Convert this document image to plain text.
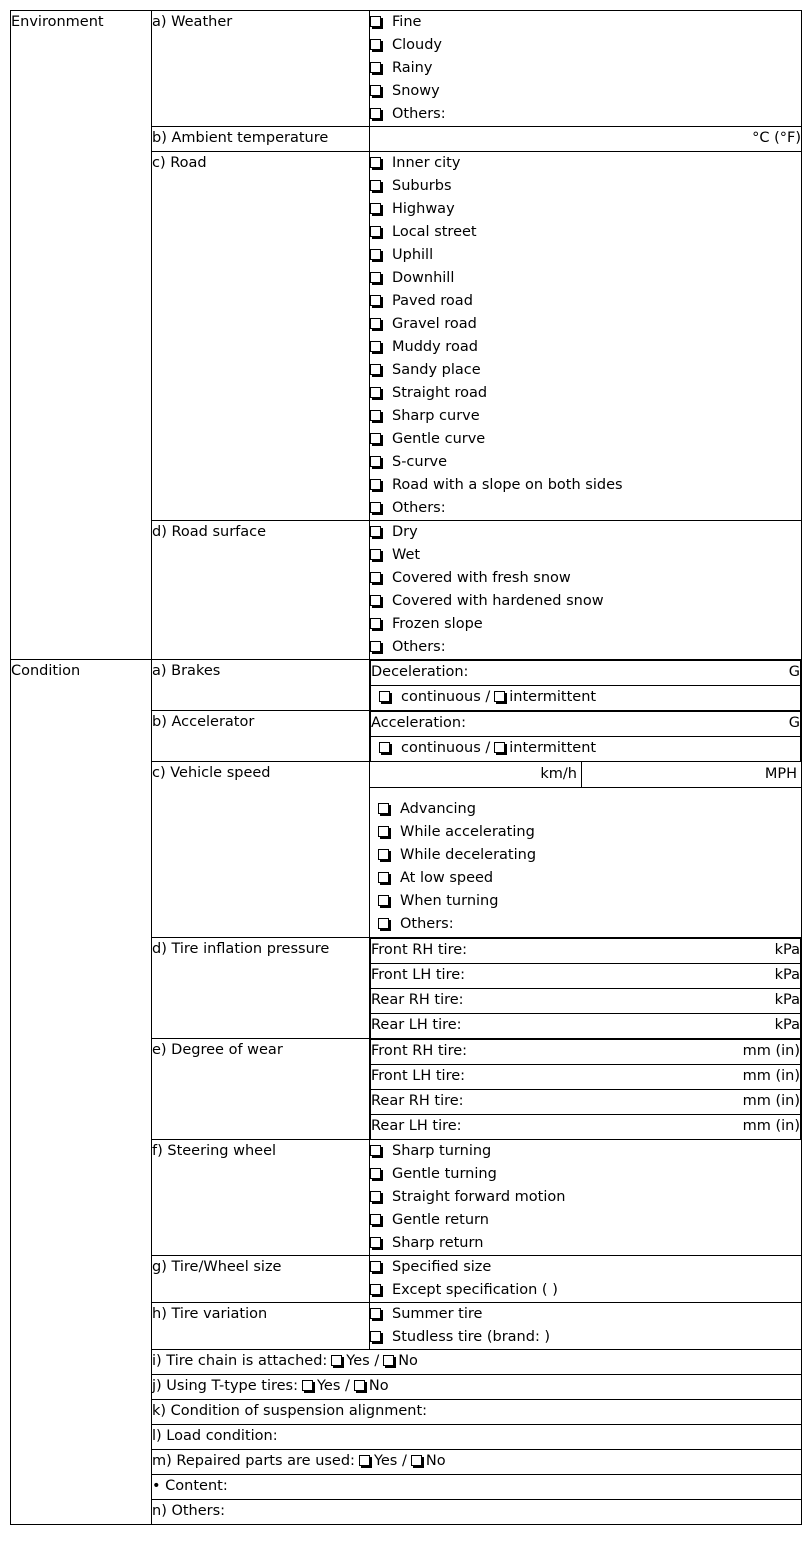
Environment	a) Weather	Fine
Cloudy
Rainy
Snowy
Others:

b) Ambient temperature	°C (°F)
c) Road	Inner city
Suburbs
Highway
Local street
Uphill
Downhill
Paved road
Gravel road
Muddy road
Sandy place
Straight road
Sharp curve
Gentle curve
S-curve
Road with a slope on both sides
Others:

d) Road surface	Dry
Wet
Covered with fresh snow
Covered with hardened snow
Frozen slope
Others:

Condition	a) Brakes		Deceleration:	G

continuous / intermittent

b) Accelerator		Acceleration:	G

continuous / intermittent

c) Vehicle speed	km/h	MPH
Advancing
While accelerating
While decelerating
At low speed
When turning
Others:

d) Tire inflation pressure		Front RH tire:	kPa

Front LH tire:	kPa

Rear RH tire:	kPa

Rear LH tire:	kPa

e) Degree of wear		Front RH tire:	mm (in)

Front LH tire:	mm (in)

Rear RH tire:	mm (in)

Rear LH tire:	mm (in)

f) Steering wheel	Sharp turning
Gentle turning
Straight forward motion
Gentle return
Sharp return

g) Tire/Wheel size	Specified size
Except specification ( )

h) Tire variation	Summer tire
Studless tire (brand: )

i) Tire chain is attached: Yes / No
j) Using T-type tires: Yes / No
k) Condition of suspension alignment:
l) Load condition:
m) Repaired parts are used: Yes / No
• Content:
n) Others:
